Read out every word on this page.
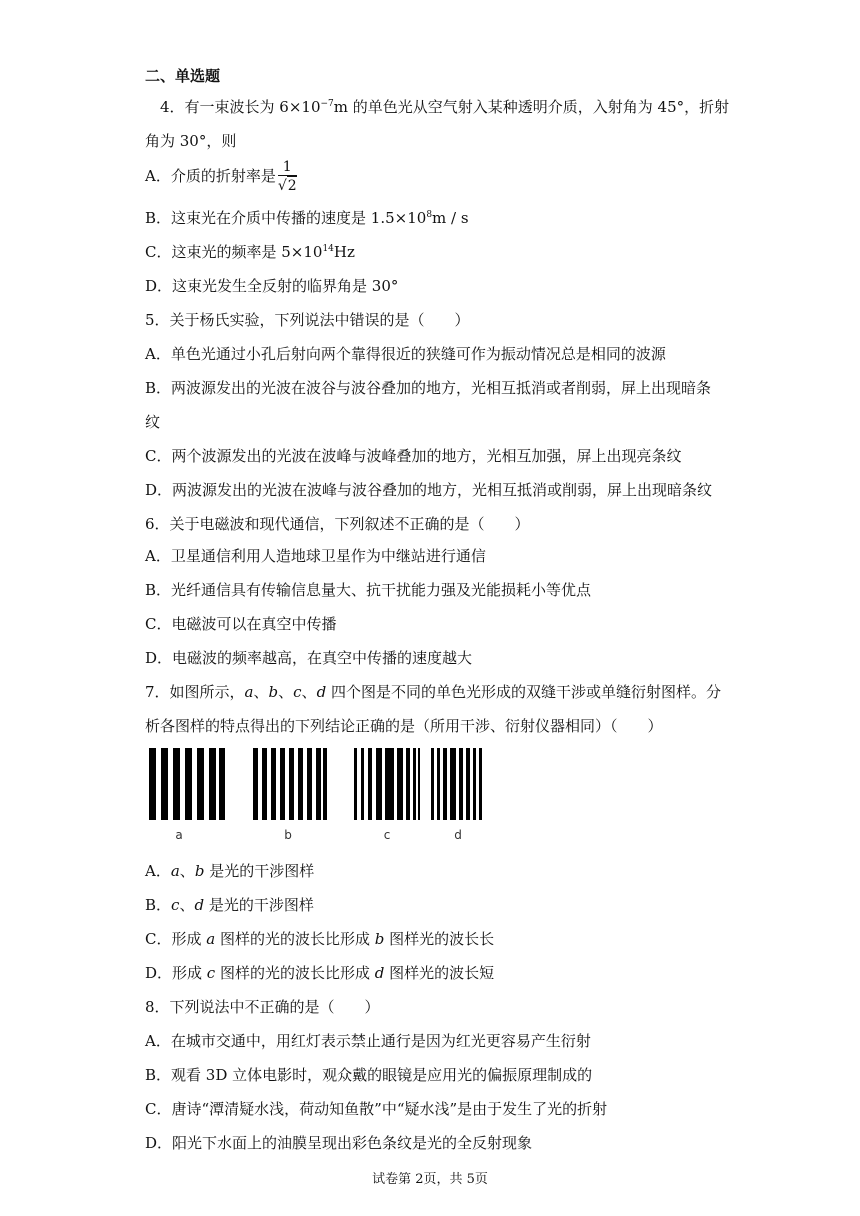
二、单选题
4．有一束波长为 $6\times 10^{-7}m$ 的单色光从空气射入某种透明介质，入射角为 45°，折射
角为 30°，则
A．介质的折射率是 $\frac{1}{√2}$
B．这束光在介质中传播的速度是 $1.5\times 10^8m / s$
C．这束光的频率是 $5\times 10^{14}Hz$
D．这束光发生全反射的临界角是 30°
5．关于杨氏实验，下列说法中错误的是（　　）
A．单色光通过小孔后射向两个靠得很近的狭缝可作为振动情况总是相同的波源
B．两波源发出的光波在波谷与波谷叠加的地方，光相互抵消或者削弱，屏上出现暗条
纹
C．两个波源发出的光波在波峰与波峰叠加的地方，光相互加强，屏上出现亮条纹
D．两波源发出的光波在波峰与波谷叠加的地方，光相互抵消或削弱，屏上出现暗条纹
6．关于电磁波和现代通信，下列叙述不正确的是（　　）
A．卫星通信利用人造地球卫星作为中继站进行通信
B．光纤通信具有传输信息量大、抗干扰能力强及光能损耗小等优点
C．电磁波可以在真空中传播
D．电磁波的频率越高，在真空中传播的速度越大
7．如图所示，a、b、c、d 四个图是不同的单色光形成的双缝干涉或单缝衍射图样。分
析各图样的特点得出的下列结论正确的是（所用干涉、衍射仪器相同）（　　）
a	b	c	d
A．a、b 是光的干涉图样
B．c、d 是光的干涉图样
C．形成 a 图样的光的波长比形成 b 图样光的波长长
D．形成 c 图样的光的波长比形成 d 图样光的波长短
8．下列说法中不正确的是（　　）
A．在城市交通中，用红灯表示禁止通行是因为红光更容易产生衍射
B．观看 3D 立体电影时，观众戴的眼镜是应用光的偏振原理制成的
C．唐诗“潭清疑水浅，荷动知鱼散”中“疑水浅”是由于发生了光的折射
D．阳光下水面上的油膜呈现出彩色条纹是光的全反射现象
试卷第 2页，共 5页
